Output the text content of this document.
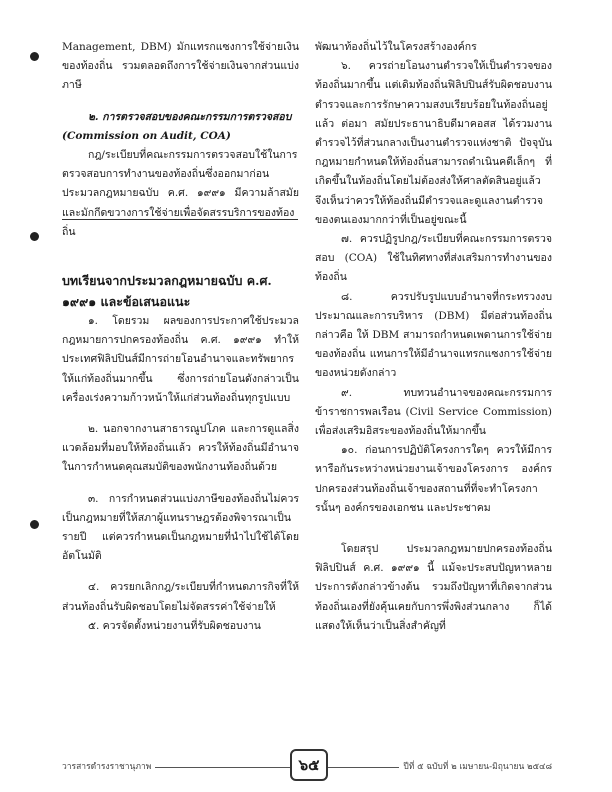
Management, DBM) มักแทรกแซงการใช้จ่ายเงินของท้องถิ่น รวมตลอดถึงการใช้จ่ายเงินจากส่วนแบ่งภาษี

๒. การตรวจสอบของคณะกรรมการตรวจสอบ (Commission on Audit, COA)

กฎ/ระเบียบที่คณะกรรมการตรวจสอบใช้ในการตรวจสอบการทำงานของท้องถิ่นซึ่งออกมาก่อนประมวลกฎหมายฉบับ ค.ศ. ๑๙๙๑ มีความล้าสมัยและมักกีดขวางการใช้จ่ายเพื่อจัดสรรบริการของท้องถิ่น

บทเรียนจากประมวลกฎหมายฉบับ ค.ศ. ๑๙๙๑ และข้อเสนอแนะ

๑. โดยรวม ผลของการประกาศใช้ประมวลกฎหมายการปกครองท้องถิ่น ค.ศ. ๑๙๙๑ ทำให้ประเทศฟิลิปปินส์มีการถ่ายโอนอำนาจและทรัพยากรให้แก่ท้องถิ่นมากขึ้น ซึ่งการถ่ายโอนดังกล่าวเป็นเครื่องเร่งความก้าวหน้าให้แก่ส่วนท้องถิ่นทุกรูปแบบ

๒. นอกจากงานสาธารณูปโภค และการดูแลสิ่งแวดล้อมที่มอบให้ท้องถิ่นแล้ว ควรให้ท้องถิ่นมีอำนาจในการกำหนดคุณสมบัติของพนักงานท้องถิ่นด้วย

๓. การกำหนดส่วนแบ่งภาษีของท้องถิ่นไม่ควรเป็นกฎหมายที่ให้สภาผู้แทนราษฎรต้องพิจารณาเป็นรายปี แต่ควรกำหนดเป็นกฎหมายที่นำไปใช้ได้โดยอัตโนมัติ

๔. ควรยกเลิกกฎ/ระเบียบที่กำหนดภารกิจที่ให้ส่วนท้องถิ่นรับผิดชอบโดยไม่จัดสรรค่าใช้จ่ายให้

๕. ควรจัดตั้งหน่วยงานที่รับผิดชอบงาน

พัฒนาท้องถิ่นไว้ในโครงสร้างองค์กร

๖. ควรถ่ายโอนงานตำรวจให้เป็นตำรวจของท้องถิ่นมากขึ้น แต่เดิมท้องถิ่นฟิลิปปินส์รับผิดชอบงานตำรวจและการรักษาความสงบเรียบร้อยในท้องถิ่นอยู่แล้ว ต่อมา สมัยประธานาธิบดีมาคอสส ได้รวมงานตำรวจไว้ที่ส่วนกลางเป็นงานตำรวจแห่งชาติ ปัจจุบันกฎหมายกำหนดให้ท้องถิ่นสามารถดำเนินคดีเล็กๆ ที่เกิดขึ้นในท้องถิ่นโดยไม่ต้องส่งให้ศาลตัดสินอยู่แล้ว จึงเห็นว่าควรให้ท้องถิ่นมีตำรวจและดูแลงานตำรวจของตนเองมากกว่าที่เป็นอยู่ขณะนี้

๗. ควรปฏิรูปกฎ/ระเบียบที่คณะกรรมการตรวจสอบ (COA) ใช้ในทิศทางที่ส่งเสริมการทำงานของท้องถิ่น

๘. ควรปรับรูปแบบอำนาจที่กระทรวงงบประมาณและการบริหาร (DBM) มีต่อส่วนท้องถิ่น กล่าวคือ ให้ DBM สามารถกำหนดเพดานการใช้จ่ายของท้องถิ่น แทนการให้มีอำนาจแทรกแซงการใช้จ่ายของหน่วยดังกล่าว

๙. ทบทวนอำนาจของคณะกรรมการข้าราชการพลเรือน (Civil Service Commission) เพื่อส่งเสริมอิสระของท้องถิ่นให้มากขึ้น

๑๐. ก่อนการปฏิบัติโครงการใดๆ ควรให้มีการหารือกันระหว่างหน่วยงานเจ้าของโครงการ องค์กรปกครองส่วนท้องถิ่นเจ้าของสถานที่ที่จะทำโครงการนั้นๆ องค์กรของเอกชน และประชาคม

โดยสรุป ประมวลกฎหมายปกครองท้องถิ่นฟิลิปปินส์ ค.ศ. ๑๙๙๑ นี้ แม้จะประสบปัญหาหลายประการดังกล่าวข้างต้น รวมถึงปัญหาที่เกิดจากส่วนท้องถิ่นเองที่ยังคุ้นเคยกับการพึ่งพิงส่วนกลาง ก็ได้แสดงให้เห็นว่าเป็นสิ่งสำคัญที่

วารสารดำรงราชานุภาพ	๖๕	ปีที่ ๕ ฉบับที่ ๒ เมษายน-มิถุนายน ๒๕๔๘
